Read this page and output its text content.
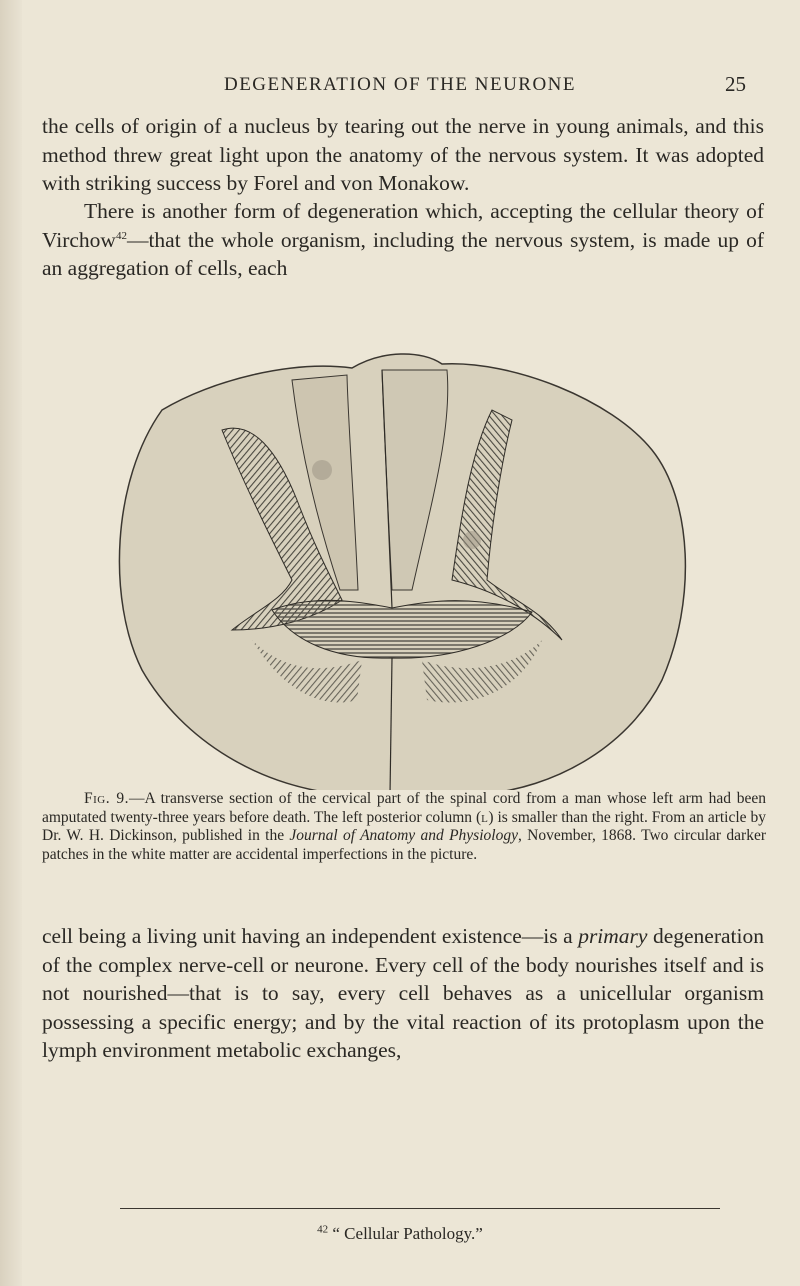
DEGENERATION OF THE NEURONE	25

the cells of origin of a nucleus by tearing out the nerve in young animals, and this method threw great light upon the anatomy of the nervous system. It was adopted with striking success by Forel and von Monakow.

There is another form of degeneration which, accepting the cellular theory of Virchow$^{42}$—that the whole organism, including the nervous system, is made up of an aggregation of cells, each

Fig. 9.—A transverse section of the cervical part of the spinal cord from a man whose left arm had been amputated twenty-three years before death. The left posterior column (l) is smaller than the right. From an article by Dr. W. H. Dickinson, published in the Journal of Anatomy and Physiology, November, 1868. Two circular darker patches in the white matter are accidental imperfections in the picture.

cell being a living unit having an independent existence—is a primary degeneration of the complex nerve-cell or neurone. Every cell of the body nourishes itself and is not nourished—that is to say, every cell behaves as a unicellular organism possessing a specific energy; and by the vital reaction of its protoplasm upon the lymph environment metabolic exchanges,

$^{42}$ “ Cellular Pathology.”
